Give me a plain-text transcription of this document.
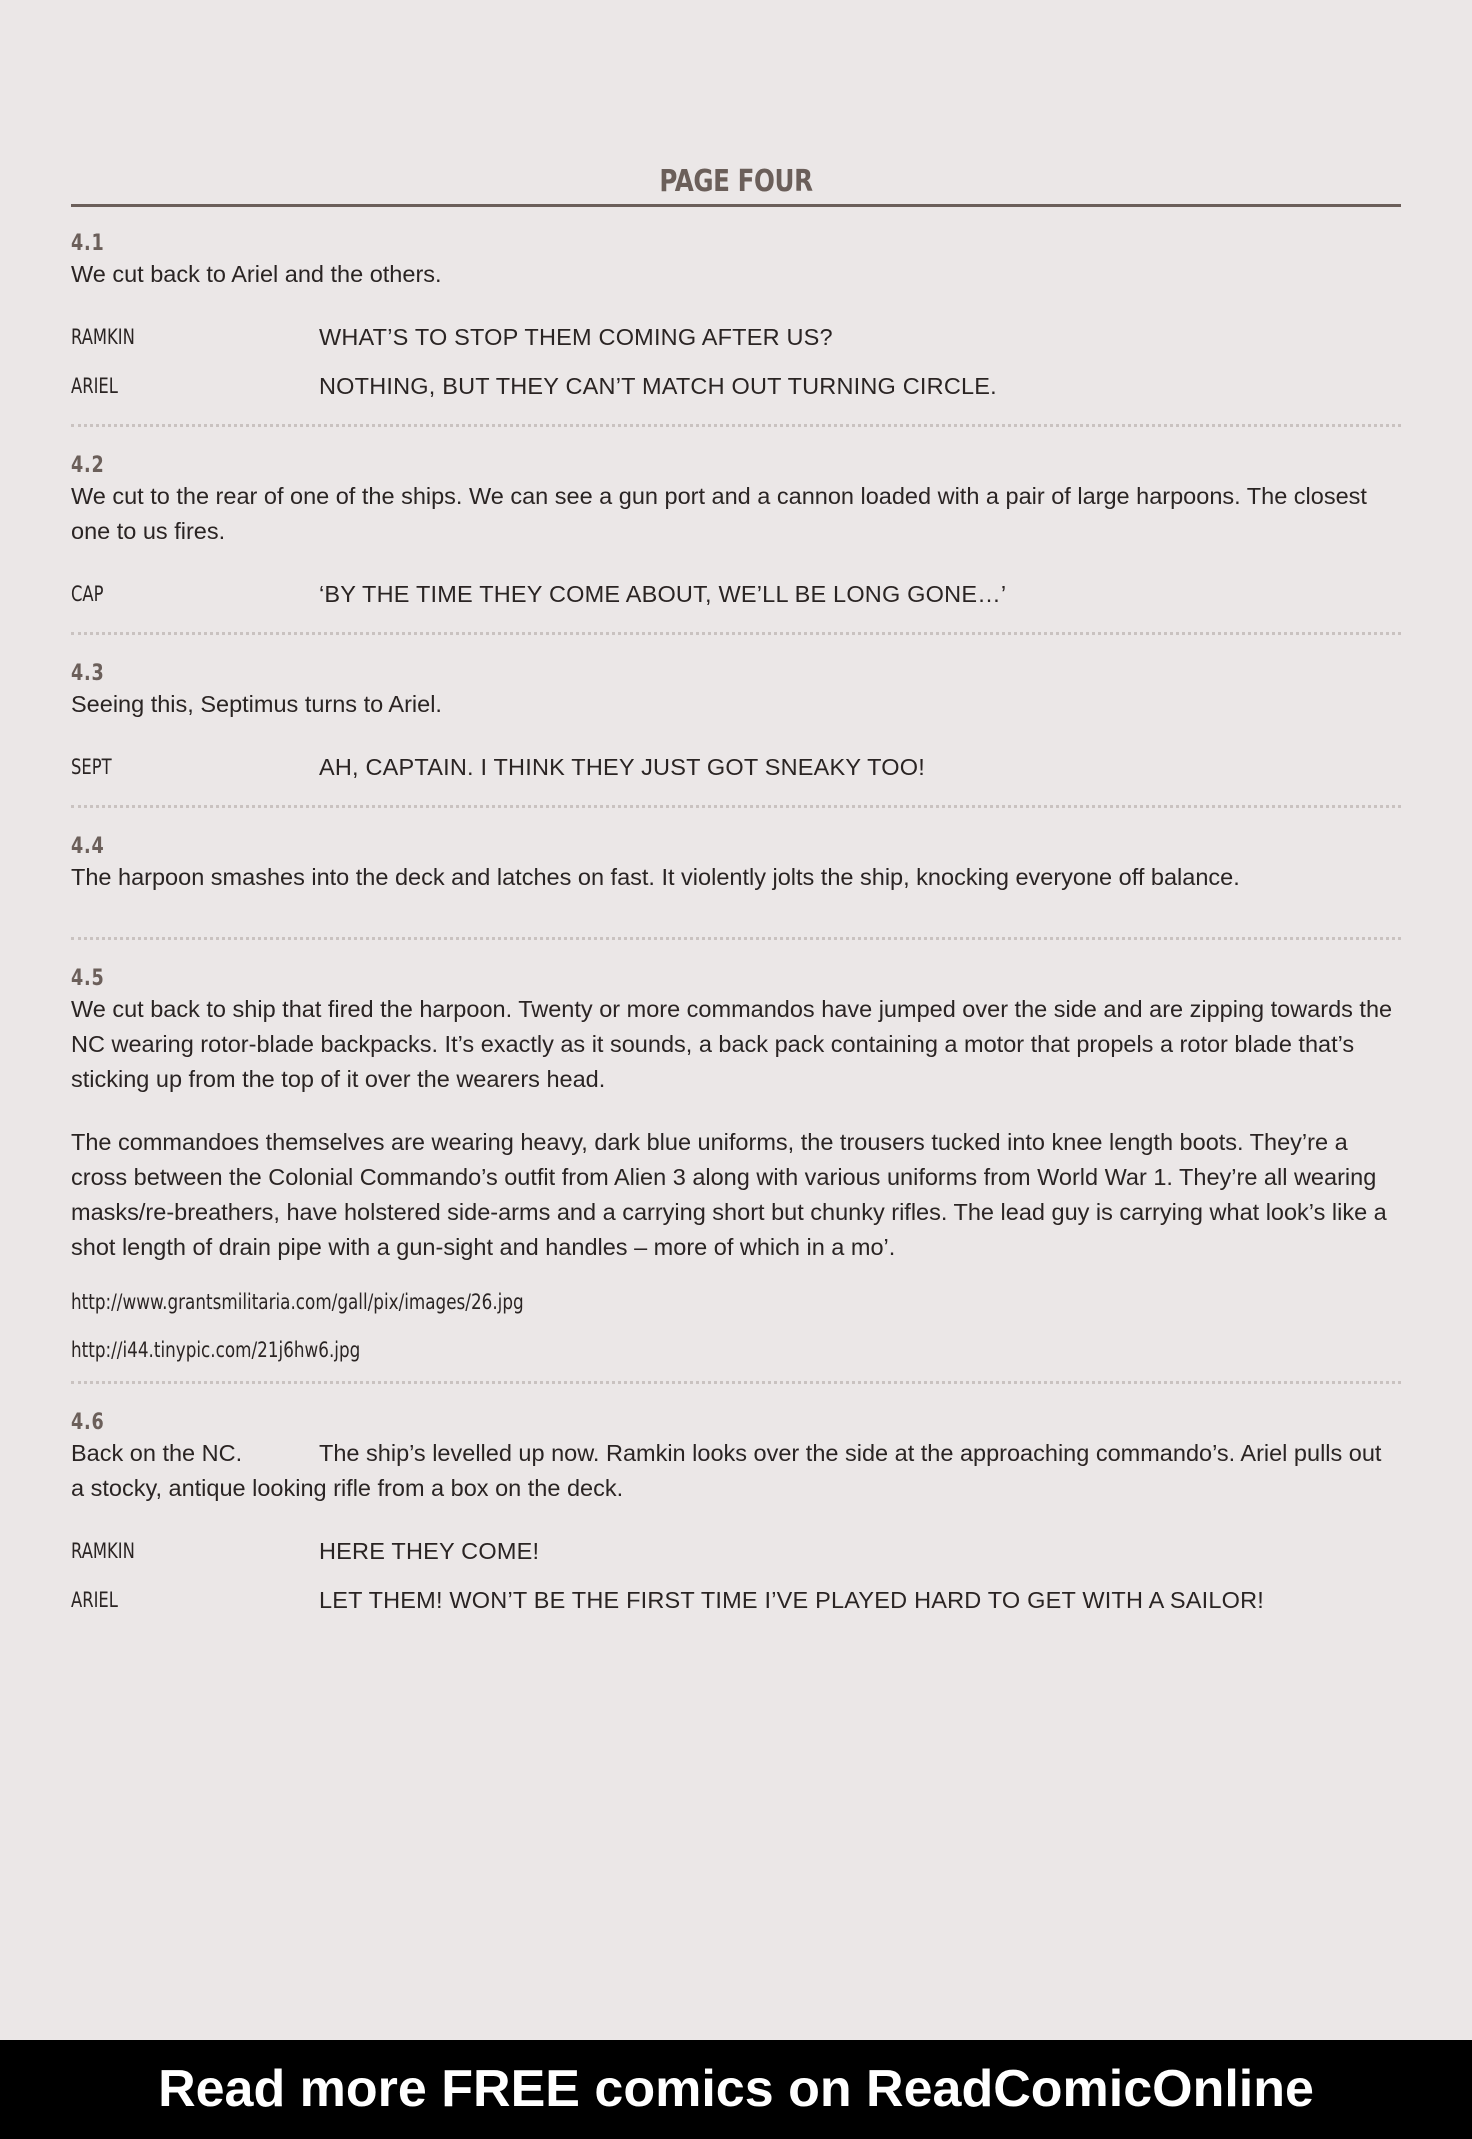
PAGE FOUR
4.1

We cut back to Ariel and the others.

RAMKIN	WHAT’S TO STOP THEM COMING AFTER US?
ARIEL	NOTHING, BUT THEY CAN’T MATCH OUT TURNING CIRCLE.
4.2

We cut to the rear of one of the ships. We can see a gun port and a cannon loaded with a pair of large harpoons. The closest one to us fires.

CAP	‘BY THE TIME THEY COME ABOUT, WE’LL BE LONG GONE…’
4.3

Seeing this, Septimus turns to Ariel.

SEPT	AH, CAPTAIN. I THINK THEY JUST GOT SNEAKY TOO!
4.4

The harpoon smashes into the deck and latches on fast. It violently jolts the ship, knocking everyone off balance.

4.5

We cut back to ship that fired the harpoon. Twenty or more commandos have jumped over the side and are zipping towards the NC wearing rotor-blade backpacks. It’s exactly as it sounds, a back pack containing a motor that propels a rotor blade that’s sticking up from the top of it over the wearers head.

The commandoes themselves are wearing heavy, dark blue uniforms, the trousers tucked into knee length boots. They’re a cross between the Colonial Commando’s outfit from Alien 3 along with various uniforms from World War 1. They’re all wearing masks/re-breathers, have holstered side-arms and a carrying short but chunky rifles. The lead guy is carrying what look’s like a shot length of drain pipe with a gun-sight and handles – more of which in a mo’.

http://www.grantsmilitaria.com/gall/pix/images/26.jpg
http://i44.tinypic.com/21j6hw6.jpg
4.6

Back on the NC.	The ship’s levelled up now. Ramkin looks over the side at the approaching commando’s. Ariel pulls out a stocky, antique looking rifle from a box on the deck.

RAMKIN	HERE THEY COME!
ARIEL	LET THEM! WON’T BE THE FIRST TIME I’VE PLAYED HARD TO GET WITH A SAILOR!
Read more FREE comics on ReadComicOnline
